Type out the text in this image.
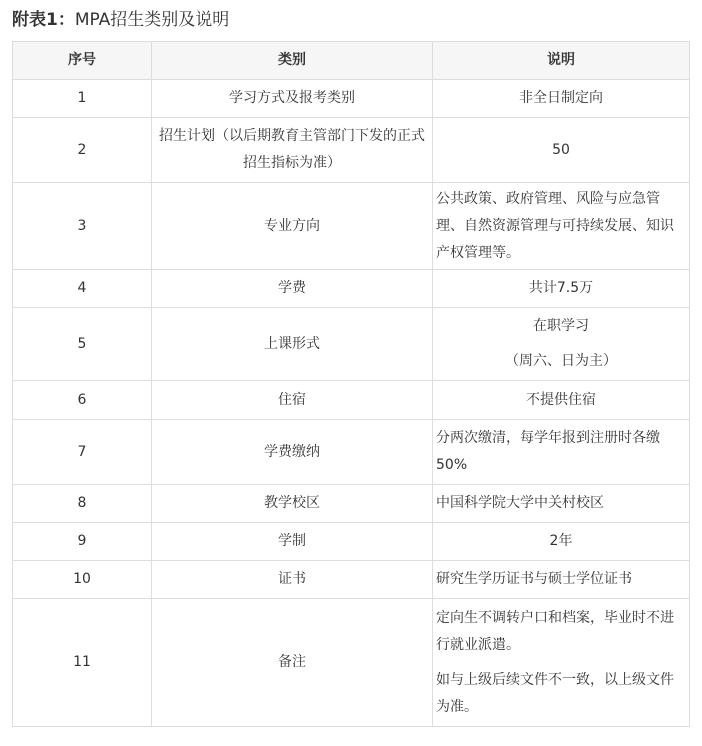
附表1：MPA招生类别及说明
序号	类别	说明
1	学习方式及报考类别	非全日制定向

2	招生计划（以后期教育主管部门下发的正式招生指标为准）	50

3	专业方向	公共政策、政府管理、风险与应急管理、自然资源管理与可持续发展、知识产权管理等。

4	学费	共计7.5万

5	上课形式	在职学习
（周六、日为主）

6	住宿	不提供住宿

7	学费缴纳	分两次缴清，每学年报到注册时各缴50%

8	教学校区	中国科学院大学中关村校区

9	学制	2年

10	证书	研究生学历证书与硕士学位证书

11	备注	定向生不调转户口和档案，毕业时不进行就业派遣。
如与上级后续文件不一致，以上级文件为准。
